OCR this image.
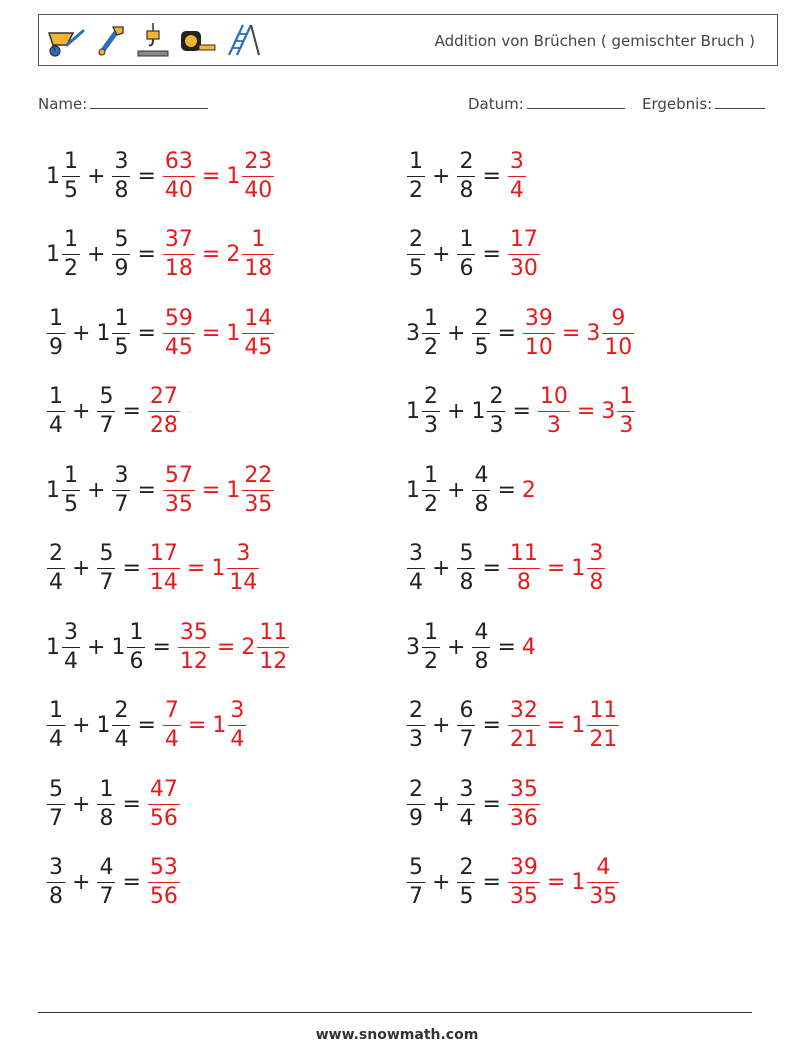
Addition von Brüchen ( gemischter Bruch )
Name:	Datum:	Ergebnis:
$1 \frac{1}{5} + \frac{3}{8} = \frac{63}{40} = 1 \frac{23}{40}$	$\frac{1}{2} + \frac{2}{8} = \frac{3}{4}$
$1 \frac{1}{2} + \frac{5}{9} = \frac{37}{18} = 2 \frac{1}{18}$	$\frac{2}{5} + \frac{1}{6} = \frac{17}{30}$
$\frac{1}{9} + 1 \frac{1}{5} = \frac{59}{45} = 1 \frac{14}{45}$	$3 \frac{1}{2} + \frac{2}{5} = \frac{39}{10} = 3 \frac{9}{10}$
$\frac{1}{4} + \frac{5}{7} = \frac{27}{28}$	$1 \frac{2}{3} + 1 \frac{2}{3} = \frac{10}{3} = 3 \frac{1}{3}$
$1 \frac{1}{5} + \frac{3}{7} = \frac{57}{35} = 1 \frac{22}{35}$	$1 \frac{1}{2} + \frac{4}{8} = 2$
$\frac{2}{4} + \frac{5}{7} = \frac{17}{14} = 1 \frac{3}{14}$	$\frac{3}{4} + \frac{5}{8} = \frac{11}{8} = 1 \frac{3}{8}$
$1 \frac{3}{4} + 1 \frac{1}{6} = \frac{35}{12} = 2 \frac{11}{12}$	$3 \frac{1}{2} + \frac{4}{8} = 4$
$\frac{1}{4} + 1 \frac{2}{4} = \frac{7}{4} = 1 \frac{3}{4}$	$\frac{2}{3} + \frac{6}{7} = \frac{32}{21} = 1 \frac{11}{21}$
$\frac{5}{7} + \frac{1}{8} = \frac{47}{56}$	$\frac{2}{9} + \frac{3}{4} = \frac{35}{36}$
$\frac{3}{8} + \frac{4}{7} = \frac{53}{56}$	$\frac{5}{7} + \frac{2}{5} = \frac{39}{35} = 1 \frac{4}{35}$
www.snowmath.com
